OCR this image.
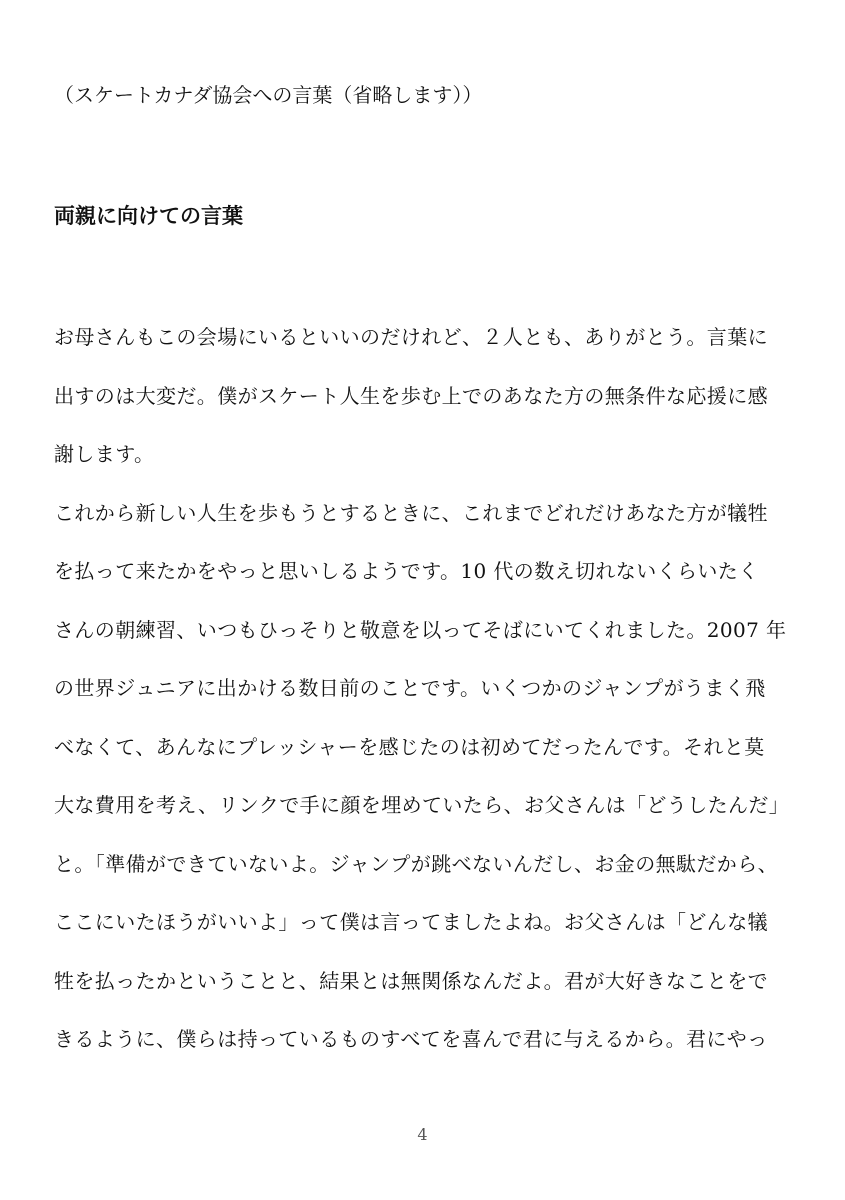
（スケートカナダ協会への言葉（省略します））
両親に向けての言葉
お母さんもこの会場にいるといいのだけれど、２人とも、ありがとう。言葉に
出すのは大変だ。僕がスケート人生を歩む上でのあなた方の無条件な応援に感
謝します。
これから新しい人生を歩もうとするときに、これまでどれだけあなた方が犠牲
を払って来たかをやっと思いしるようです。10 代の数え切れないくらいたく
さんの朝練習、いつもひっそりと敬意を以ってそばにいてくれました。2007 年
の世界ジュニアに出かける数日前のことです。いくつかのジャンプがうまく飛
べなくて、あんなにプレッシャーを感じたのは初めてだったんです。それと莫
大な費用を考え、リンクで手に顔を埋めていたら、お父さんは「どうしたんだ」
と。「準備ができていないよ。ジャンプが跳べないんだし、お金の無駄だから、
ここにいたほうがいいよ」って僕は言ってましたよね。お父さんは「どんな犠
牲を払ったかということと、結果とは無関係なんだよ。君が大好きなことをで
きるように、僕らは持っているものすべてを喜んで君に与えるから。君にやっ
4
